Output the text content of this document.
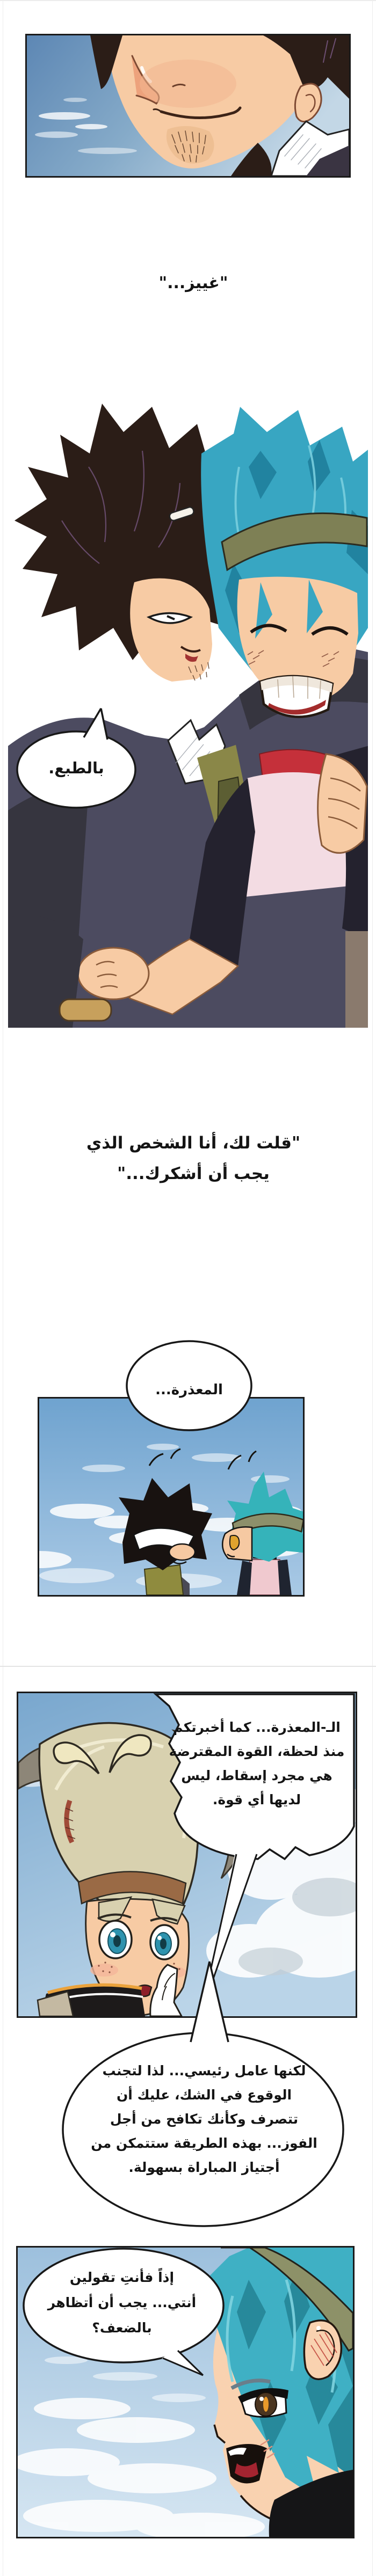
"غييز..."
بالطبع.
"قلت لك، أنا الشخص الذي
يجب أن أشكرك..."
المعذرة...
الـ-المعذرة... كما أخبرتكم
منذ لحظة، القوة المقترضة
هي مجرد إسقاط، ليس
لديها أي قوة.
لكنها عامل رئيسي... لذا لتجنب
الوقوع في الشك، عليك أن
تتصرف وكأنك تكافح من أجل
الفوز... بهذه الطريقة ستتمكن من
أجتياز المباراة بسهولة.
إذاً فأنتِ تقولين
أنتي... يجب أن أتظاهر
بالضعف؟
